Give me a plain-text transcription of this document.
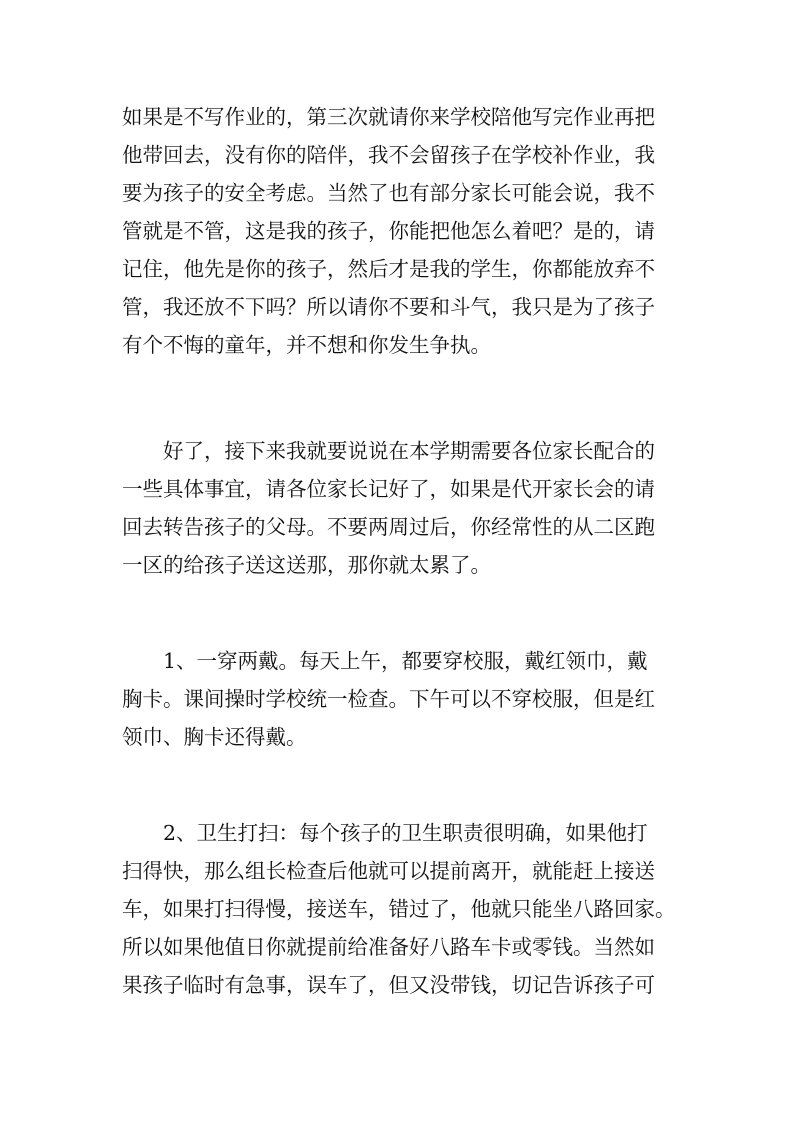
如果是不写作业的，第三次就请你来学校陪他写完作业再把
他带回去，没有你的陪伴，我不会留孩子在学校补作业，我
要为孩子的安全考虑。当然了也有部分家长可能会说，我不
管就是不管，这是我的孩子，你能把他怎么着吧？是的，请
记住，他先是你的孩子，然后才是我的学生，你都能放弃不
管，我还放不下吗？所以请你不要和斗气，我只是为了孩子
有个不悔的童年，并不想和你发生争执。
　　好了，接下来我就要说说在本学期需要各位家长配合的
一些具体事宜，请各位家长记好了，如果是代开家长会的请
回去转告孩子的父母。不要两周过后，你经常性的从二区跑
一区的给孩子送这送那，那你就太累了。
　　1、一穿两戴。每天上午，都要穿校服，戴红领巾，戴
胸卡。课间操时学校统一检查。下午可以不穿校服，但是红
领巾、胸卡还得戴。
　　2、卫生打扫：每个孩子的卫生职责很明确，如果他打
扫得快，那么组长检查后他就可以提前离开，就能赶上接送
车，如果打扫得慢，接送车，错过了，他就只能坐八路回家。
所以如果他值日你就提前给准备好八路车卡或零钱。当然如
果孩子临时有急事，误车了，但又没带钱，切记告诉孩子可
